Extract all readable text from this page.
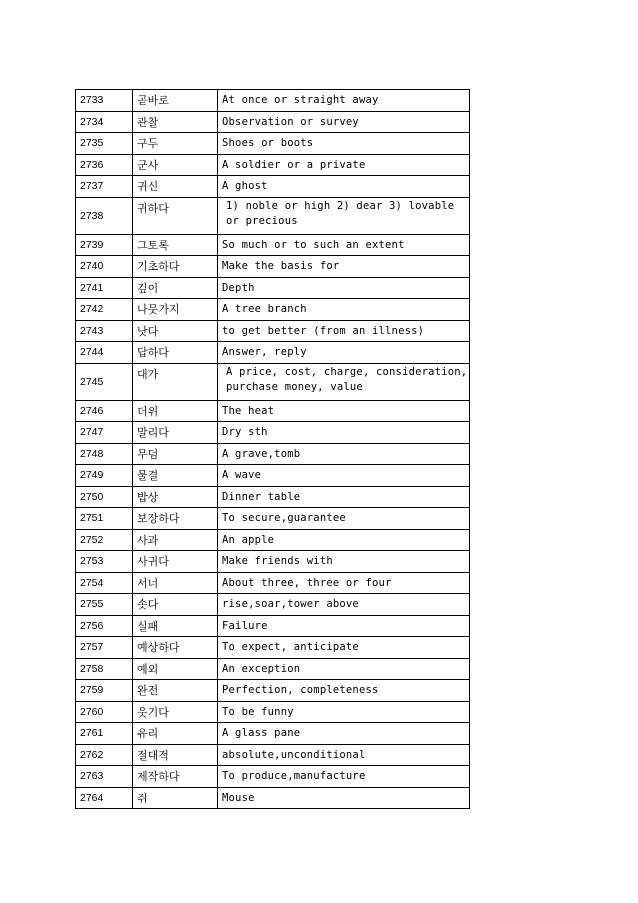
2733	곧바로	At once or straight away
2734	관찰	Observation or survey
2735	구두	Shoes or boots
2736	군사	A soldier or a private
2737	귀신	A ghost
2738	귀하다	1) noble or high 2) dear 3) lovable or precious
2739	그토록	So much or to such an extent
2740	기초하다	Make the basis for
2741	깊이	Depth
2742	나뭇가지	A tree branch
2743	낫다	to get better (from an illness)
2744	답하다	Answer, reply
2745	대가	A price, cost, charge, consideration, purchase money, value
2746	더위	The heat
2747	말리다	Dry sth
2748	무덤	A grave,tomb
2749	물결	A wave
2750	밥상	Dinner table
2751	보장하다	To secure,guarantee
2752	사과	An apple
2753	사귀다	Make friends with
2754	서너	About three, three or four
2755	솟다	rise,soar,tower above
2756	실패	Failure
2757	예상하다	To expect, anticipate
2758	예외	An exception
2759	완전	Perfection, completeness
2760	웃기다	To be funny
2761	유리	A glass pane
2762	절대적	absolute,unconditional
2763	제작하다	To produce,manufacture
2764	쥐	Mouse
